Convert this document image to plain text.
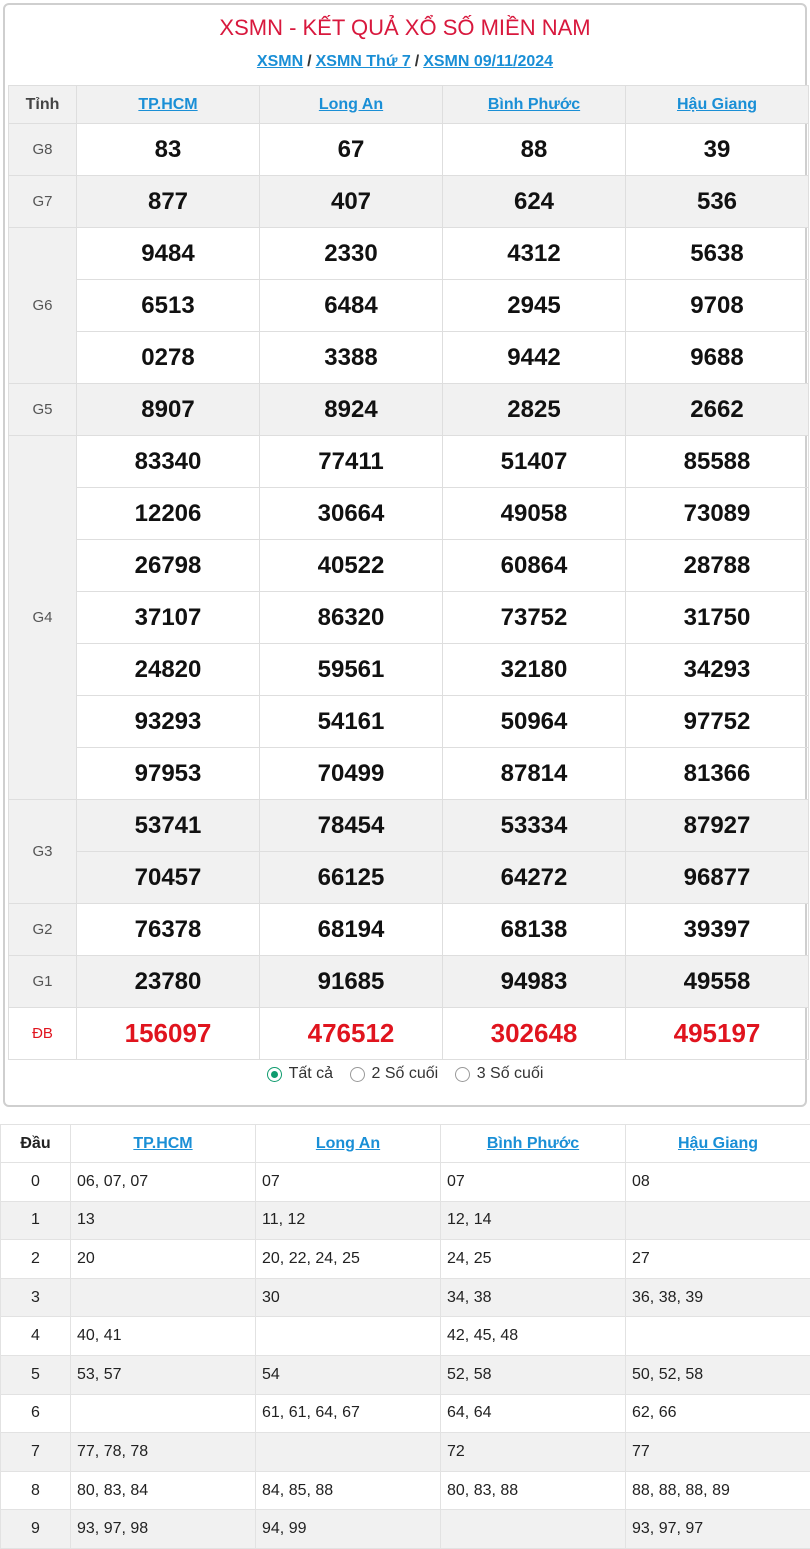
XSMN - KẾT QUẢ XỔ SỐ MIỀN NAM
XSMN / XSMN Thứ 7 / XSMN 09/11/2024
Tỉnh	TP.HCM	Long An	Bình Phước	Hậu Giang
G8	83	67	88	39
G7	877	407	624	536
G6	9484	2330	4312	5638
	6513	6484	2945	9708
	0278	3388	9442	9688
G5	8907	8924	2825	2662
G4	83340	77411	51407	85588
	12206	30664	49058	73089
	26798	40522	60864	28788
	37107	86320	73752	31750
	24820	59561	32180	34293
	93293	54161	50964	97752
	97953	70499	87814	81366
G3	53741	78454	53334	87927
	70457	66125	64272	96877
G2	76378	68194	68138	39397
G1	23780	91685	94983	49558
ĐB	156097	476512	302648	495197
Tất cả
2 Số cuối
3 Số cuối
Đầu	TP.HCM	Long An	Bình Phước	Hậu Giang
0	06, 07, 07	07	07	08
1	13	11, 12	12, 14	
2	20	20, 22, 24, 25	24, 25	27
3		30	34, 38	36, 38, 39
4	40, 41		42, 45, 48	
5	53, 57	54	52, 58	50, 52, 58
6		61, 61, 64, 67	64, 64	62, 66
7	77, 78, 78		72	77
8	80, 83, 84	84, 85, 88	80, 83, 88	88, 88, 88, 89
9	93, 97, 98	94, 99		93, 97, 97
